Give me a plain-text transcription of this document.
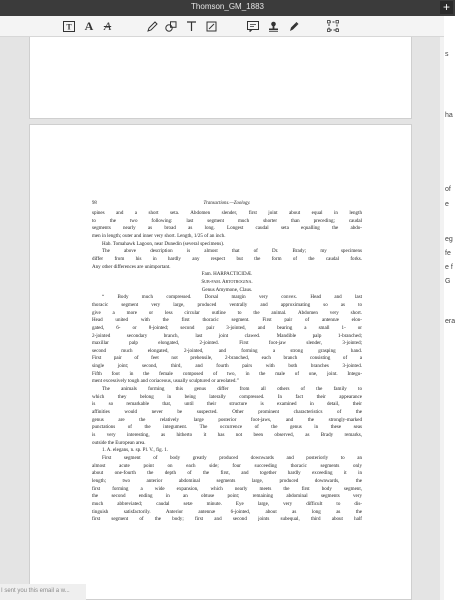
Thomson_GM_1883	+
T A A
98	Transactions.—Zoology.

spines and a short seta. Abdomen slender, first joint about equal in length

to the two following: last segment much shorter than preceding; caudal

segments nearly as broad as long. Longest caudal seta equalling the abdo-

men in length; outer and inner very short. Length, 1/25 of an inch.

Hab. Tomahawk Lagoon, near Dunedin (several specimens).

The above description is almost that of Dr. Brady; my specimens

differ from his in hardly any respect but the form of the caudal forks.

Any other differences are unimportant.

Fam. HARPACTICIDÆ.

Sub-fam. Artotrogina.

Genus Amymone, Claus.

“ Body much compressed. Dorsal margin very convex. Head and last

thoracic segment very large, produced ventrally and approximating so as to

give a more or less circular outline to the animal. Abdomen very short.

Head united with the first thoracic segment. First pair of antennæ elon-

gated, 6- or 8-jointed; second pair 3-jointed, and bearing a small 1- or

2-jointed secondary branch, last joint clawed. Mandible palp 1-branched;

maxillar palp elongated, 2-jointed. First foot-jaw slender, 3-jointed;

second much elongated, 2-jointed, and forming a strong grasping hand.

First pair of feet not prehensile, 2-branched, each branch consisting of a

single joint; second, third, and fourth pairs with both branches 3-jointed.

Fifth foot in the female composed of two, in the male of one, joint. Integu-

ment excessively tough and coriaceous, usually sculptured or areolated.”

The animals forming this genus differ from all others of the family to

which they belong in being laterally compressed. In fact their appearance

is so remarkable that, until their structure is examined in detail, their

affinities would never be suspected. Other prominent characteristics of the

genus are the relatively large posterior foot-jaws, and the strongly-marked

punctations of the integument. The occurrence of the genus in these seas

is very interesting, as hitherto it has not been observed, as Brady remarks,

outside the European area.

1. A. elegans, n. sp. Pl. V., fig. 1.

First segment of body greatly produced downwards and posteriorly to an

almost acute point on each side; four succeeding thoracic segments only

about one-fourth the depth of the first, and together hardly exceeding it in

length; two anterior abdominal segments large, produced downwards, the

first forming a wide expansion, which nearly meets the first body segment,

the second ending in an obtuse point; remaining abdominal segments very

much abbreviated; caudal setæ minute. Eye large, very difficult to dis-

tinguish satisfactorily. Anterior antennæ 6-jointed, about as long as the

first segment of the body; first and second joints subequal, third about half

s
ha
of
e
eg
fe
e f
G
era
I sent you this email a w...
